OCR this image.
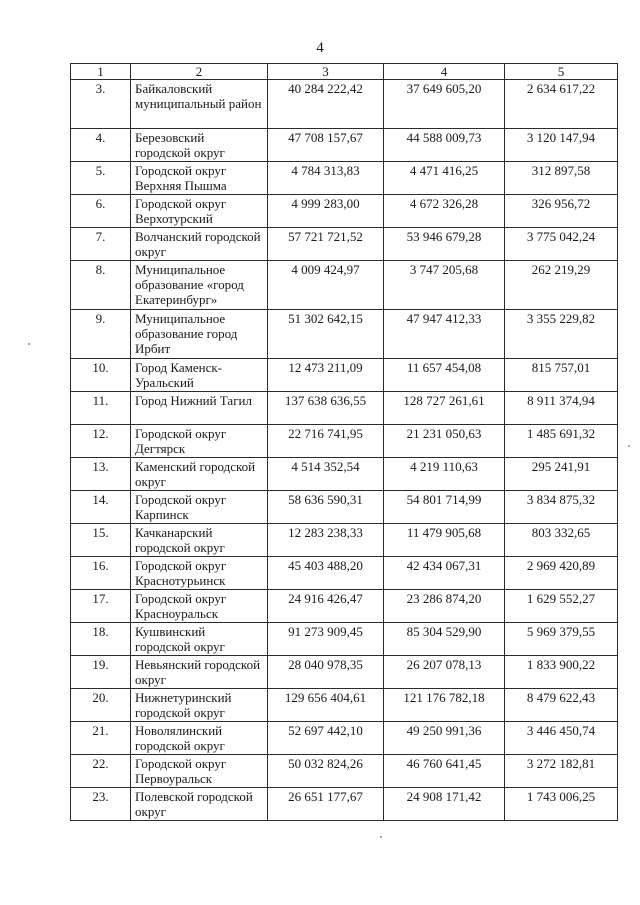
4
1	2	3	4	5
3.	Байкаловский муниципальный район	40 284 222,42	37 649 605,20	2 634 617,22
4.	Березовский городской округ	47 708 157,67	44 588 009,73	3 120 147,94
5.	Городской округ Верхняя Пышма	4 784 313,83	4 471 416,25	312 897,58
6.	Городской округ Верхотурский	4 999 283,00	4 672 326,28	326 956,72
7.	Волчанский городской округ	57 721 721,52	53 946 679,28	3 775 042,24
8.	Муниципальное образование «город Екатеринбург»	4 009 424,97	3 747 205,68	262 219,29
9.	Муниципальное образование город Ирбит	51 302 642,15	47 947 412,33	3 355 229,82
10.	Город Каменск-Уральский	12 473 211,09	11 657 454,08	815 757,01
11.	Город Нижний Тагил	137 638 636,55	128 727 261,61	8 911 374,94
12.	Городской округ Дегтярск	22 716 741,95	21 231 050,63	1 485 691,32
13.	Каменский городской округ	4 514 352,54	4 219 110,63	295 241,91
14.	Городской округ Карпинск	58 636 590,31	54 801 714,99	3 834 875,32
15.	Качканарский городской округ	12 283 238,33	11 479 905,68	803 332,65
16.	Городской округ Краснотурьинск	45 403 488,20	42 434 067,31	2 969 420,89
17.	Городской округ Красноуральск	24 916 426,47	23 286 874,20	1 629 552,27
18.	Кушвинский городской округ	91 273 909,45	85 304 529,90	5 969 379,55
19.	Невьянский городской округ	28 040 978,35	26 207 078,13	1 833 900,22
20.	Нижнетуринский городской округ	129 656 404,61	121 176 782,18	8 479 622,43
21.	Новолялинский городской округ	52 697 442,10	49 250 991,36	3 446 450,74
22.	Городской округ Первоуральск	50 032 824,26	46 760 641,45	3 272 182,81
23.	Полевской городской округ	26 651 177,67	24 908 171,42	1 743 006,25
